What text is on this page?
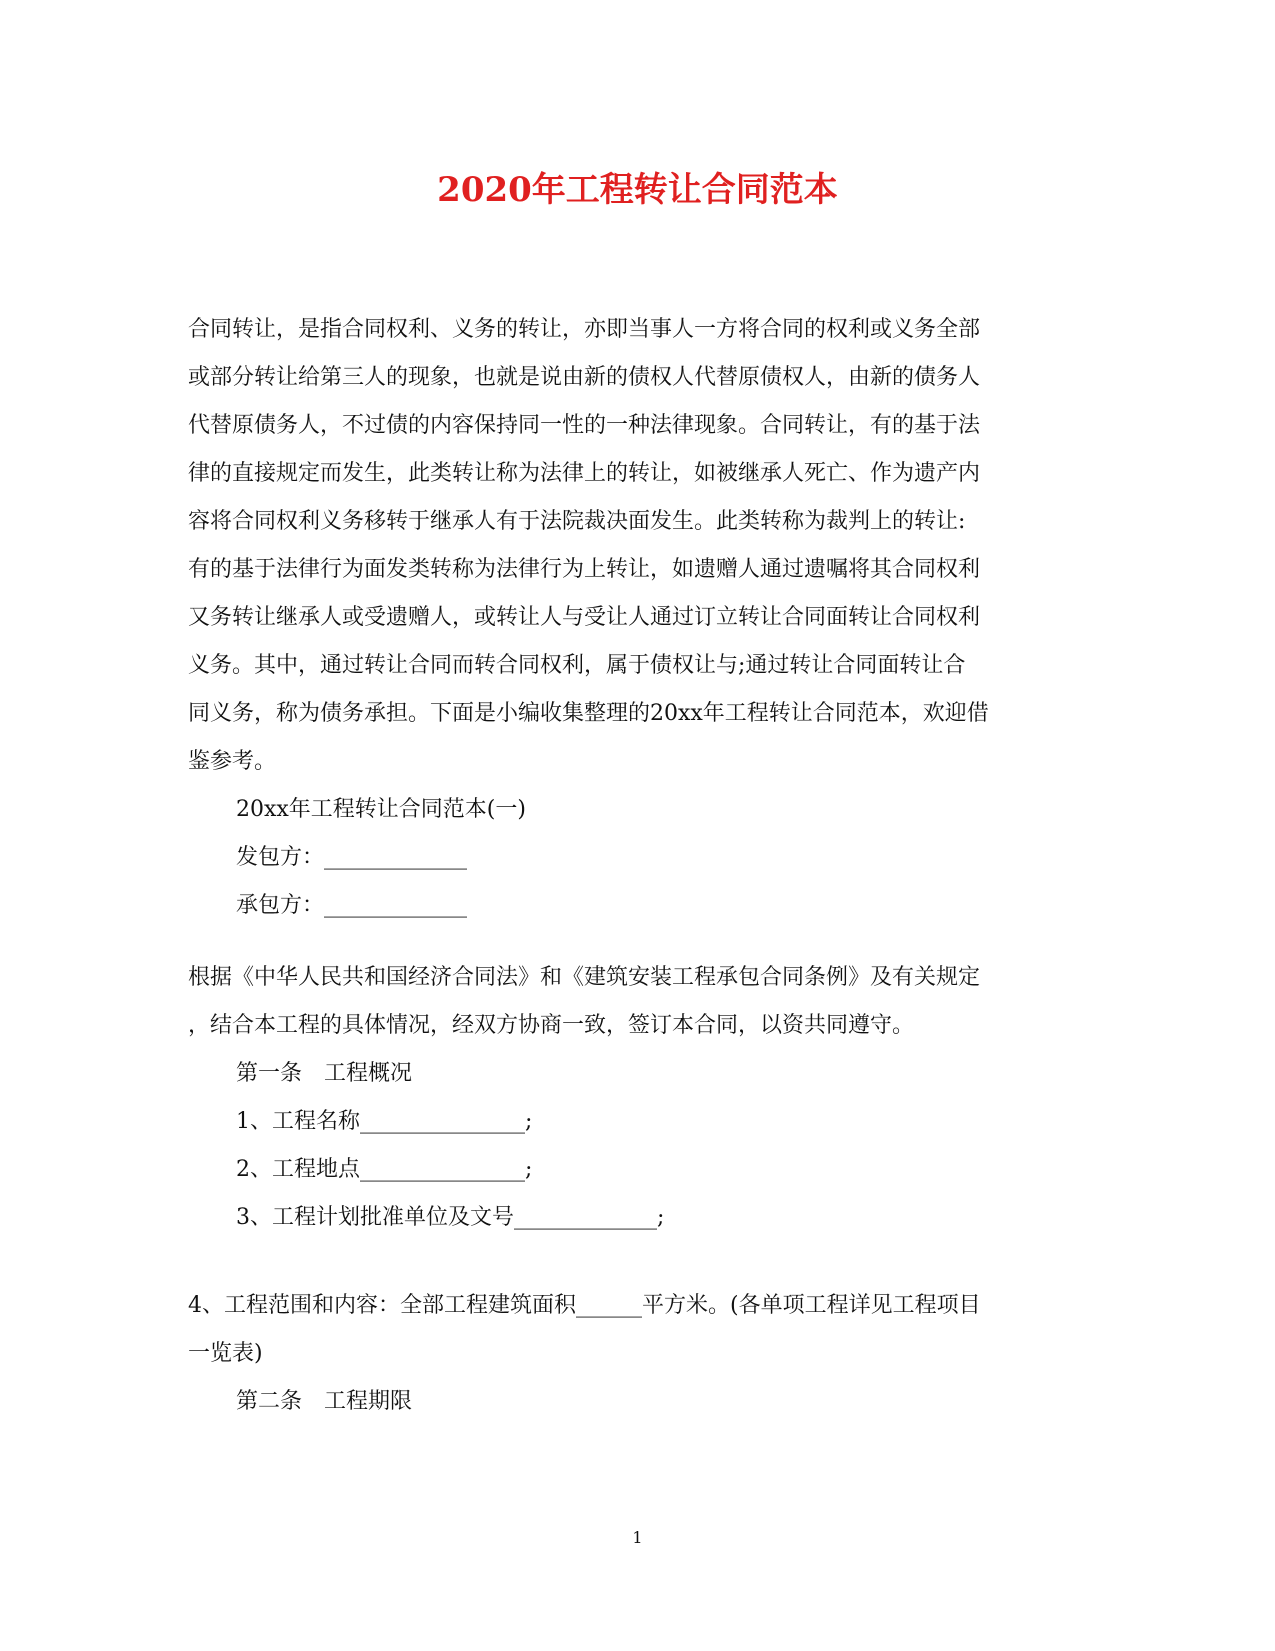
2020年工程转让合同范本

合同转让，是指合同权利、义务的转让，亦即当事人一方将合同的权利或义务全部

或部分转让给第三人的现象，也就是说由新的债权人代替原债权人，由新的债务人

代替原债务人，不过债的内容保持同一性的一种法律现象。合同转让，有的基于法

律的直接规定而发生，此类转让称为法律上的转让，如被继承人死亡、作为遗产内

容将合同权利义务移转于继承人有于法院裁决面发生。此类转称为裁判上的转让:

有的基于法律行为面发类转称为法律行为上转让，如遗赠人通过遗嘱将其合同权利

又务转让继承人或受遗赠人，或转让人与受让人通过订立转让合同面转让合同权利

义务。其中，通过转让合同而转合同权利，属于债权让与;通过转让合同面转让合

同义务，称为债务承担。下面是小编收集整理的20xx年工程转让合同范本，欢迎借

鉴参考。

20xx年工程转让合同范本(一)

发包方：_____________

承包方：_____________

根据《中华人民共和国经济合同法》和《建筑安装工程承包合同条例》及有关规定

，结合本工程的具体情况，经双方协商一致，签订本合同，以资共同遵守。

第一条　工程概况

1、工程名称_______________;

2、工程地点_______________;

3、工程计划批准单位及文号_____________;

4、工程范围和内容：全部工程建筑面积______平方米。(各单项工程详见工程项目

一览表)

第二条　工程期限

1
